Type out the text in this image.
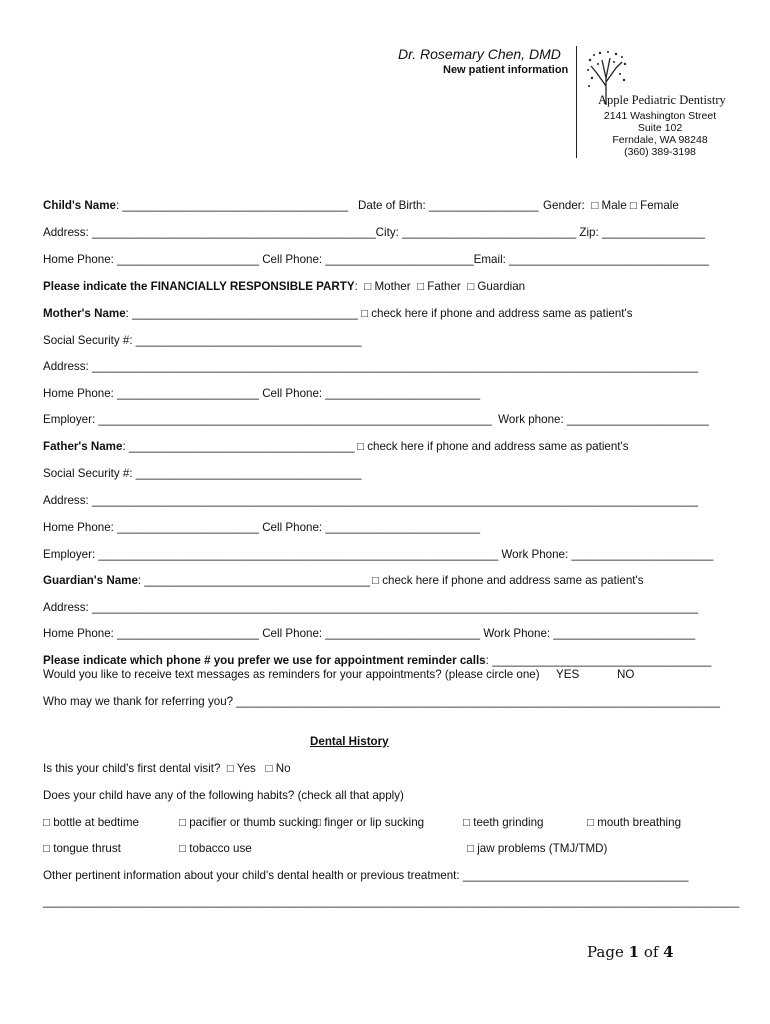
Dr. Rosemary Chen, DMD
New patient information
Apple Pediatric Dentistry
2141 Washington Street
Suite 102
Ferndale, WA 98248
(360) 389-3198
Child's Name: ___________________________________ Date of Birth: _________________ Gender:  □ Male □ Female
Address: ____________________________________________City: ___________________________ Zip: ________________
Home Phone: ______________________ Cell Phone: _______________________Email: _______________________________
Please indicate the FINANCIALLY RESPONSIBLE PARTY:  □ Mother  □ Father  □ Guardian
Mother's Name: ___________________________________ □ check here if phone and address same as patient's
Social Security #: ___________________________________
Address: ______________________________________________________________________________________________
Home Phone: ______________________ Cell Phone: ________________________
Employer: _____________________________________________________________  Work phone: ______________________
Father's Name: ___________________________________ □ check here if phone and address same as patient's
Social Security #: ___________________________________
Address: ______________________________________________________________________________________________
Home Phone: ______________________ Cell Phone: ________________________
Employer: ______________________________________________________________ Work Phone: ______________________
Guardian's Name: ___________________________________ □ check here if phone and address same as patient's
Address: ______________________________________________________________________________________________
Home Phone: ______________________ Cell Phone: ________________________ Work Phone: ______________________
Please indicate which phone # you prefer we use for appointment reminder calls: __________________________________
Would you like to receive text messages as reminders for your appointments? (please circle one) YES	NO
Who may we thank for referring you? ___________________________________________________________________________
Dental History
Is this your child's first dental visit?  □ Yes   □ No
Does your child have any of the following habits? (check all that apply)
□ bottle at bedtime	□ pacifier or thumb sucking
□ finger or lip sucking	□ teeth grinding	□ mouth breathing
□ tongue thrust	□ tobacco use	□ jaw problems (TMJ/TMD)
Other pertinent information about your child's dental health or previous treatment: ___________________________________
____________________________________________________________________________________________________________
Page 1 of 4
